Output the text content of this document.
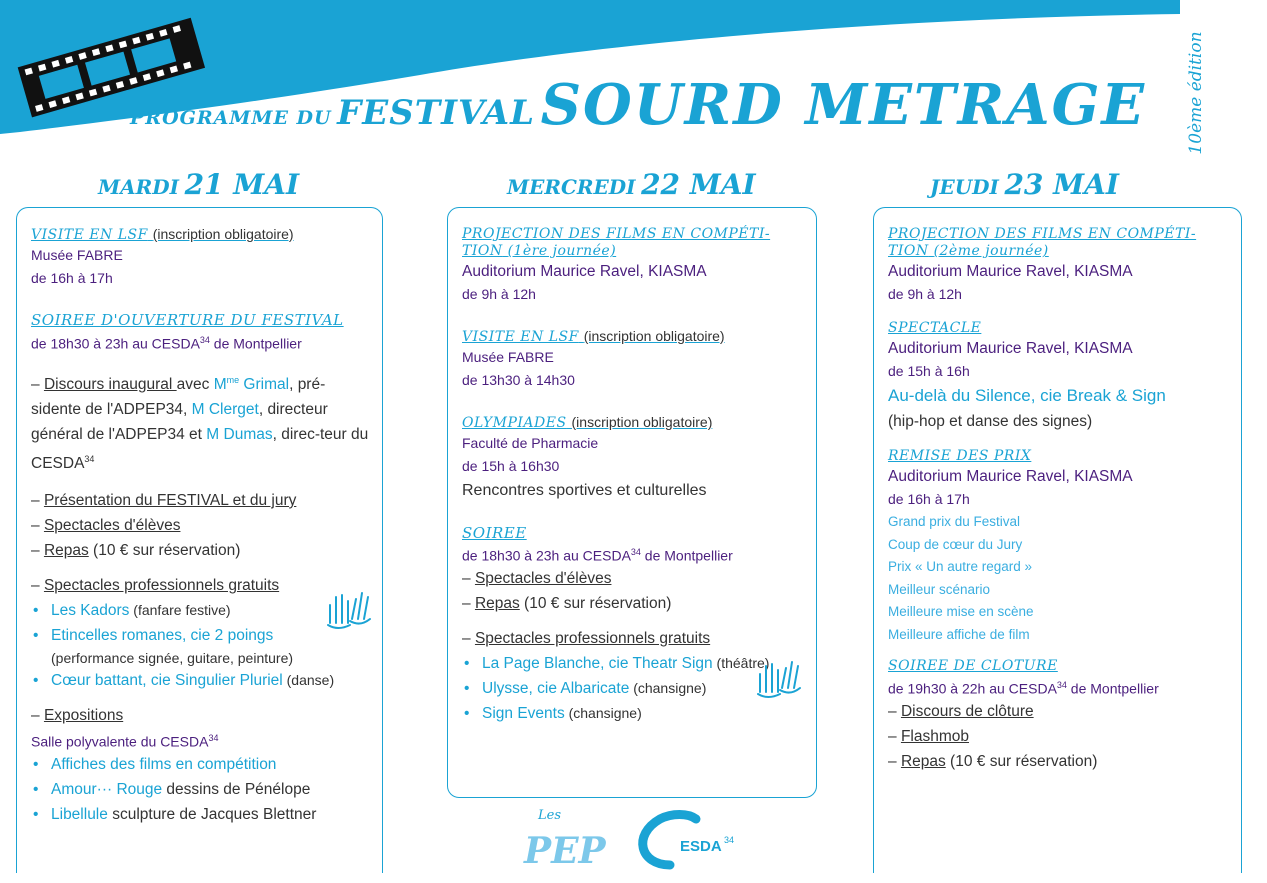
PROGRAMME DU FESTIVAL SOURD METRAGE 10ème édition
MARDI 21 MAI	MERCREDI 22 MAI	JEUDI 23 MAI
VISITE EN LSF (inscription obligatoire)
Musée FABRE
de 16h à 17h
SOIREE D'OUVERTURE DU FESTIVAL
de 18h30 à 23h au CESDA$^{34}$ de Montpellier
– Discours inaugural avec $M^{me}$ Grimal, pré-sidente de l'ADPEP34, M Clerget, directeur général de l'ADPEP34 et M Dumas, direc-teur du CESDA$^{34}$
– Présentation du FESTIVAL et du jury
– Spectacles d'élèves
– Repas (10 € sur réservation)
– Spectacles professionnels gratuits
• Les Kadors (fanfare festive)
• Etincelles romanes, cie 2 poings
(performance signée, guitare, peinture)
• Cœur battant, cie Singulier Pluriel (danse)
– Expositions
Salle polyvalente du CESDA$^{34}$
• Affiches des films en compétition
• Amour··· Rouge dessins de Pénélope
• Libellule sculpture de Jacques Blettner
PROJECTION DES FILMS EN COMPÉTI-TION (1ère journée)
Auditorium Maurice Ravel, KIASMA
de 9h à 12h
VISITE EN LSF (inscription obligatoire)
Musée FABRE
de 13h30 à 14h30
OLYMPIADES (inscription obligatoire)
Faculté de Pharmacie
de 15h à 16h30
Rencontres sportives et culturelles
SOIREE
de 18h30 à 23h au CESDA$^{34}$ de Montpellier
– Spectacles d'élèves
– Repas (10 € sur réservation)
– Spectacles professionnels gratuits
• La Page Blanche, cie Theatr Sign (théâtre)
• Ulysse, cie Albaricate (chansigne)
• Sign Events (chansigne)
PROJECTION DES FILMS EN COMPÉTI-TION (2ème journée)
Auditorium Maurice Ravel, KIASMA
de 9h à 12h
SPECTACLE
Auditorium Maurice Ravel, KIASMA
de 15h à 16h
Au-delà du Silence, cie Break & Sign
(hip-hop et danse des signes)
REMISE DES PRIX
Auditorium Maurice Ravel, KIASMA
de 16h à 17h
Grand prix du Festival
Coup de cœur du Jury
Prix « Un autre regard »
Meilleur scénario
Meilleure mise en scène
Meilleure affiche de film
SOIREE DE CLOTURE
de 19h30 à 22h au CESDA$^{34}$ de Montpellier
– Discours de clôture
– Flashmob
– Repas (10 € sur réservation)
Les
PEP	ESDA 34
